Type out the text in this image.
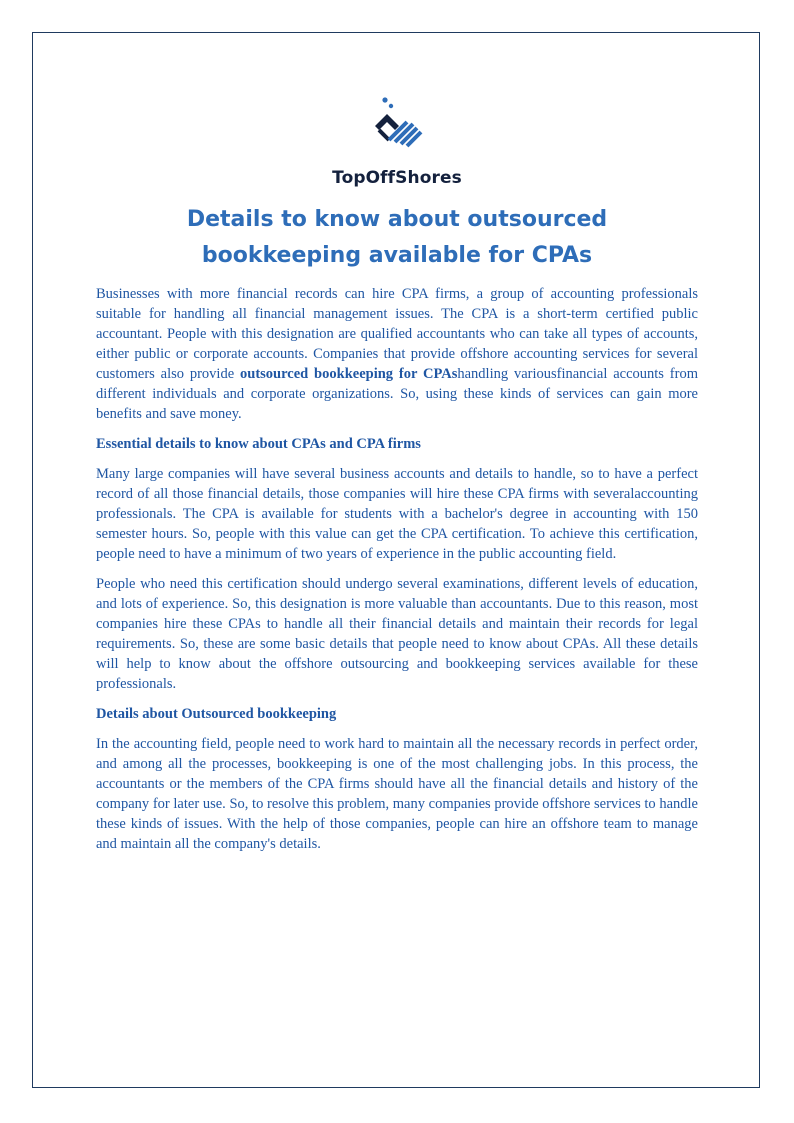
TopOffShores
Details to know about outsourced
bookkeeping available for CPAs

Businesses with more financial records can hire CPA firms, a group of accounting professionals suitable for handling all financial management issues. The CPA is a short-term certified public accountant. People with this designation are qualified accountants who can take all types of accounts, either public or corporate accounts. Companies that provide offshore accounting services for several customers also provide outsourced bookkeeping for CPAshandling variousfinancial accounts from different individuals and corporate organizations. So, using these kinds of services can gain more benefits and save money.

Essential details to know about CPAs and CPA firms

Many large companies will have several business accounts and details to handle, so to have a perfect record of all those financial details, those companies will hire these CPA firms with severalaccounting professionals. The CPA is available for students with a bachelor's degree in accounting with 150 semester hours. So, people with this value can get the CPA certification. To achieve this certification, people need to have a minimum of two years of experience in the public accounting field.

People who need this certification should undergo several examinations, different levels of education, and lots of experience. So, this designation is more valuable than accountants. Due to this reason, most companies hire these CPAs to handle all their financial details and maintain their records for legal requirements. So, these are some basic details that people need to know about CPAs. All these details will help to know about the offshore outsourcing and bookkeeping services available for these professionals.

Details about Outsourced bookkeeping

In the accounting field, people need to work hard to maintain all the necessary records in perfect order, and among all the processes, bookkeeping is one of the most challenging jobs. In this process, the accountants or the members of the CPA firms should have all the financial details and history of the company for later use. So, to resolve this problem, many companies provide offshore services to handle these kinds of issues. With the help of those companies, people can hire an offshore team to manage and maintain all the company's details.
